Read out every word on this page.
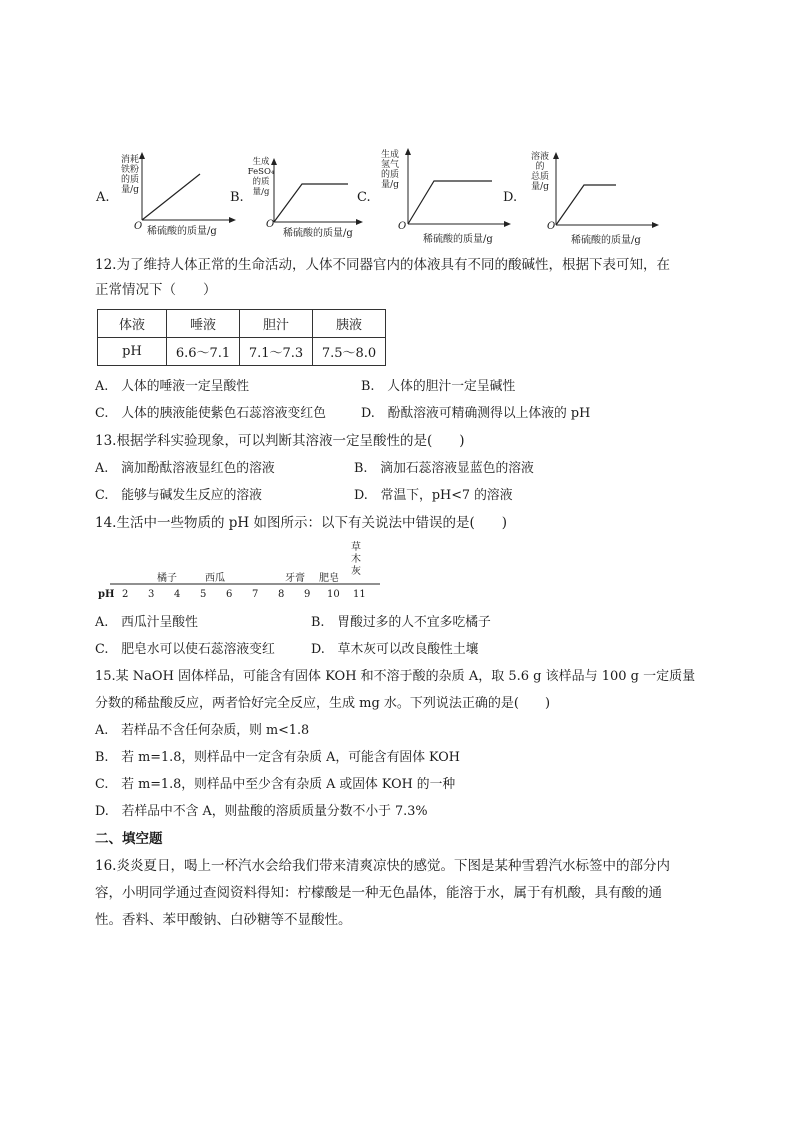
A.
消耗
铁粉
的质
量/g
O 稀硫酸的质量/g
B.
生成
FeSO₄
的质
量/g
O
稀硫酸的质量/g
C.
生成
氢气
的质
量/g
O
稀硫酸的质量/g
D.
溶液
的
总质
量/g
O
稀硫酸的质量/g
12.为了维持人体正常的生命活动，人体不同器官内的体液具有不同的酸碱性，根据下表可知，在
正常情况下（　　）
体液	唾液	胆汁	胰液
pH	6.6～7.1	7.1～7.3	7.5～8.0
A.　人体的唾液一定呈酸性	B.　人体的胆汁一定呈碱性
C.　人体的胰液能使紫色石蕊溶液变红色	D.　酚酞溶液可精确测得以上体液的 pH
13.根据学科实验现象，可以判断其溶液一定呈酸性的是(　　)
A.　滴加酚酞溶液显红色的溶液	B.　滴加石蕊溶液显蓝色的溶液
C.　能够与碱发生反应的溶液	D.　常温下，pH<7 的溶液
14.生活中一些物质的 pH 如图所示：以下有关说法中错误的是(　　)
pH 2 3 4 5 6 7 8 9 10 11
橘子	西瓜	牙膏 肥皂
草木灰
A.　西瓜汁呈酸性	B.　胃酸过多的人不宜多吃橘子
C.　肥皂水可以使石蕊溶液变红	D.　草木灰可以改良酸性土壤
15.某 NaOH 固体样品，可能含有固体 KOH 和不溶于酸的杂质 A，取 5.6 g 该样品与 100 g 一定质量
分数的稀盐酸反应，两者恰好完全反应，生成 mg 水。下列说法正确的是(　　)
A.　若样品不含任何杂质，则 m<1.8
B.　若 m=1.8，则样品中一定含有杂质 A，可能含有固体 KOH
C.　若 m=1.8，则样品中至少含有杂质 A 或固体 KOH 的一种
D.　若样品中不含 A，则盐酸的溶质质量分数不小于 7.3%
二、填空题
16.炎炎夏日，喝上一杯汽水会给我们带来清爽凉快的感觉。下图是某种雪碧汽水标签中的部分内
容，小明同学通过查阅资料得知：柠檬酸是一种无色晶体，能溶于水，属于有机酸，具有酸的通
性。香料、苯甲酸钠、白砂糖等不显酸性。
